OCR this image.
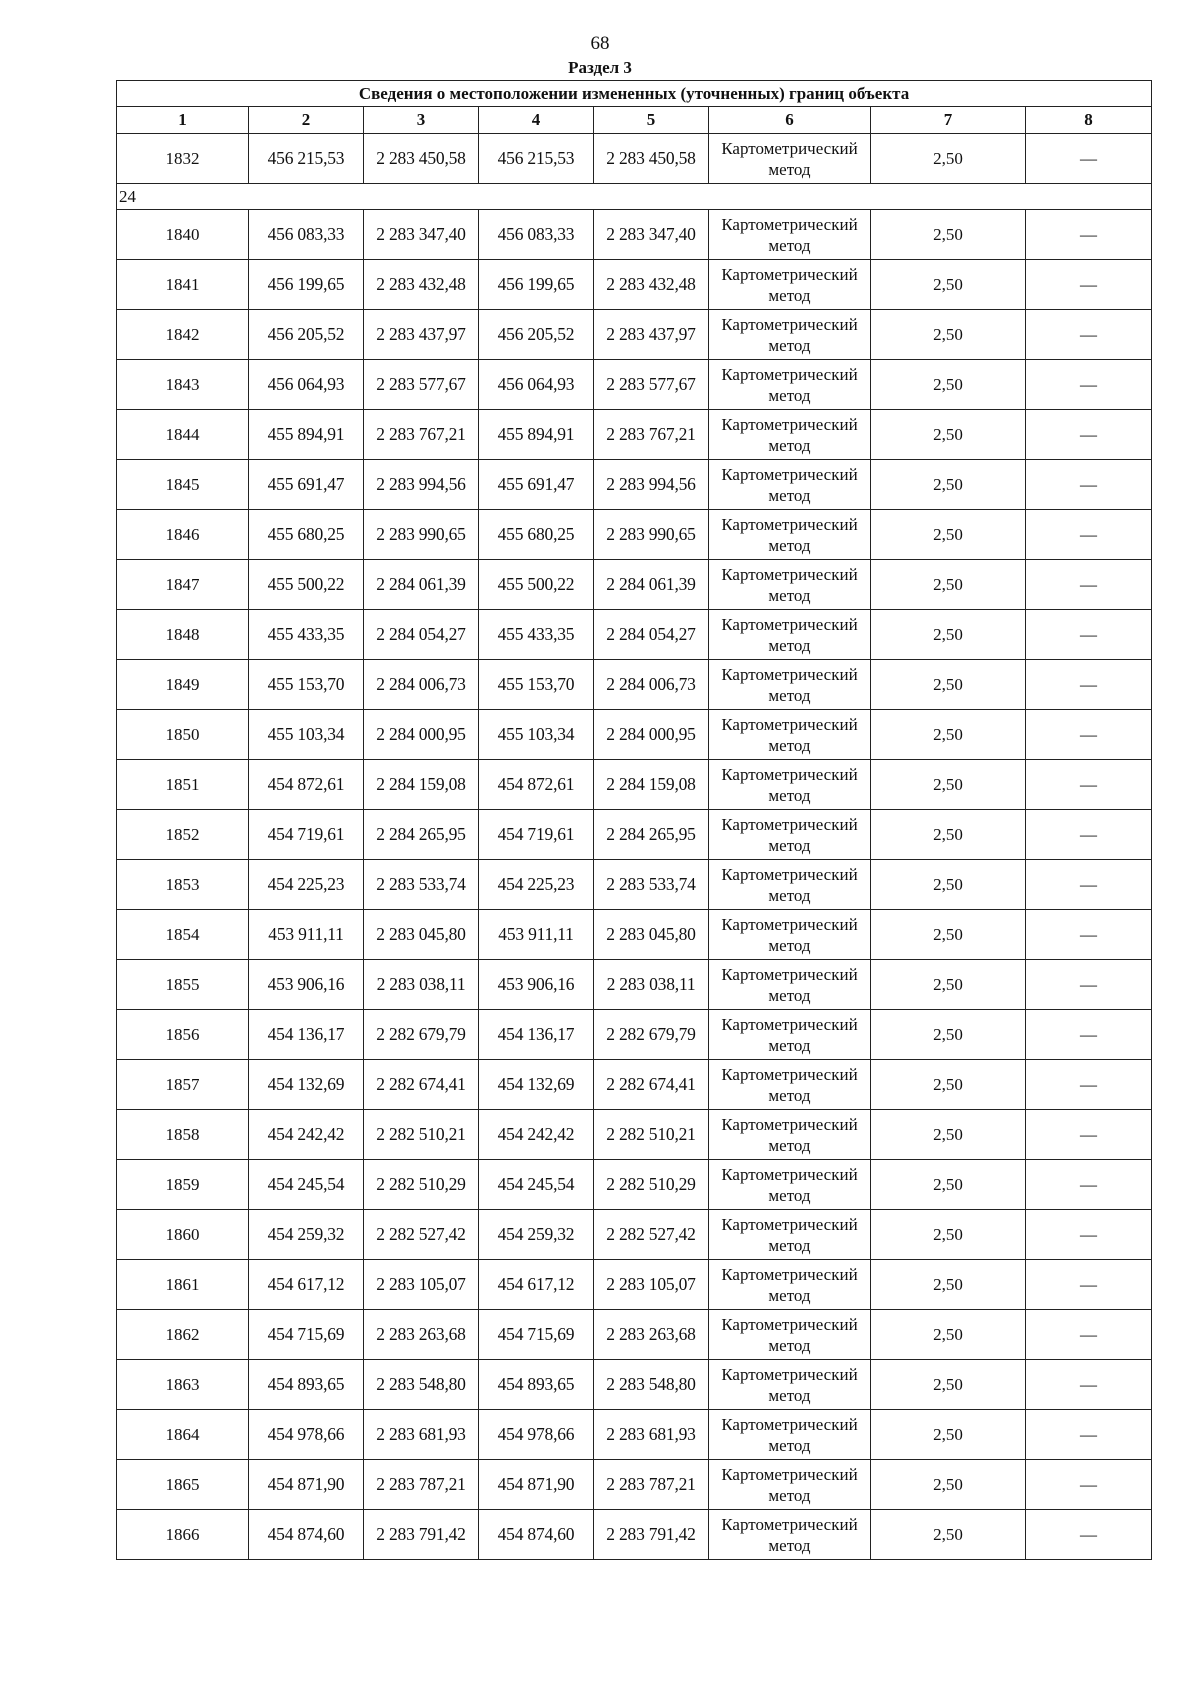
68
Раздел 3
Сведения о местоположении измененных (уточненных) границ объекта							
1	2	3	4	5	6	7	8
1832	456 215,53	2 283 450,58	456 215,53	2 283 450,58	Картометрический метод	2,50	—
24							
1840	456 083,33	2 283 347,40	456 083,33	2 283 347,40	Картометрический метод	2,50	—
1841	456 199,65	2 283 432,48	456 199,65	2 283 432,48	Картометрический метод	2,50	—
1842	456 205,52	2 283 437,97	456 205,52	2 283 437,97	Картометрический метод	2,50	—
1843	456 064,93	2 283 577,67	456 064,93	2 283 577,67	Картометрический метод	2,50	—
1844	455 894,91	2 283 767,21	455 894,91	2 283 767,21	Картометрический метод	2,50	—
1845	455 691,47	2 283 994,56	455 691,47	2 283 994,56	Картометрический метод	2,50	—
1846	455 680,25	2 283 990,65	455 680,25	2 283 990,65	Картометрический метод	2,50	—
1847	455 500,22	2 284 061,39	455 500,22	2 284 061,39	Картометрический метод	2,50	—
1848	455 433,35	2 284 054,27	455 433,35	2 284 054,27	Картометрический метод	2,50	—
1849	455 153,70	2 284 006,73	455 153,70	2 284 006,73	Картометрический метод	2,50	—
1850	455 103,34	2 284 000,95	455 103,34	2 284 000,95	Картометрический метод	2,50	—
1851	454 872,61	2 284 159,08	454 872,61	2 284 159,08	Картометрический метод	2,50	—
1852	454 719,61	2 284 265,95	454 719,61	2 284 265,95	Картометрический метод	2,50	—
1853	454 225,23	2 283 533,74	454 225,23	2 283 533,74	Картометрический метод	2,50	—
1854	453 911,11	2 283 045,80	453 911,11	2 283 045,80	Картометрический метод	2,50	—
1855	453 906,16	2 283 038,11	453 906,16	2 283 038,11	Картометрический метод	2,50	—
1856	454 136,17	2 282 679,79	454 136,17	2 282 679,79	Картометрический метод	2,50	—
1857	454 132,69	2 282 674,41	454 132,69	2 282 674,41	Картометрический метод	2,50	—
1858	454 242,42	2 282 510,21	454 242,42	2 282 510,21	Картометрический метод	2,50	—
1859	454 245,54	2 282 510,29	454 245,54	2 282 510,29	Картометрический метод	2,50	—
1860	454 259,32	2 282 527,42	454 259,32	2 282 527,42	Картометрический метод	2,50	—
1861	454 617,12	2 283 105,07	454 617,12	2 283 105,07	Картометрический метод	2,50	—
1862	454 715,69	2 283 263,68	454 715,69	2 283 263,68	Картометрический метод	2,50	—
1863	454 893,65	2 283 548,80	454 893,65	2 283 548,80	Картометрический метод	2,50	—
1864	454 978,66	2 283 681,93	454 978,66	2 283 681,93	Картометрический метод	2,50	—
1865	454 871,90	2 283 787,21	454 871,90	2 283 787,21	Картометрический метод	2,50	—
1866	454 874,60	2 283 791,42	454 874,60	2 283 791,42	Картометрический метод	2,50	—
